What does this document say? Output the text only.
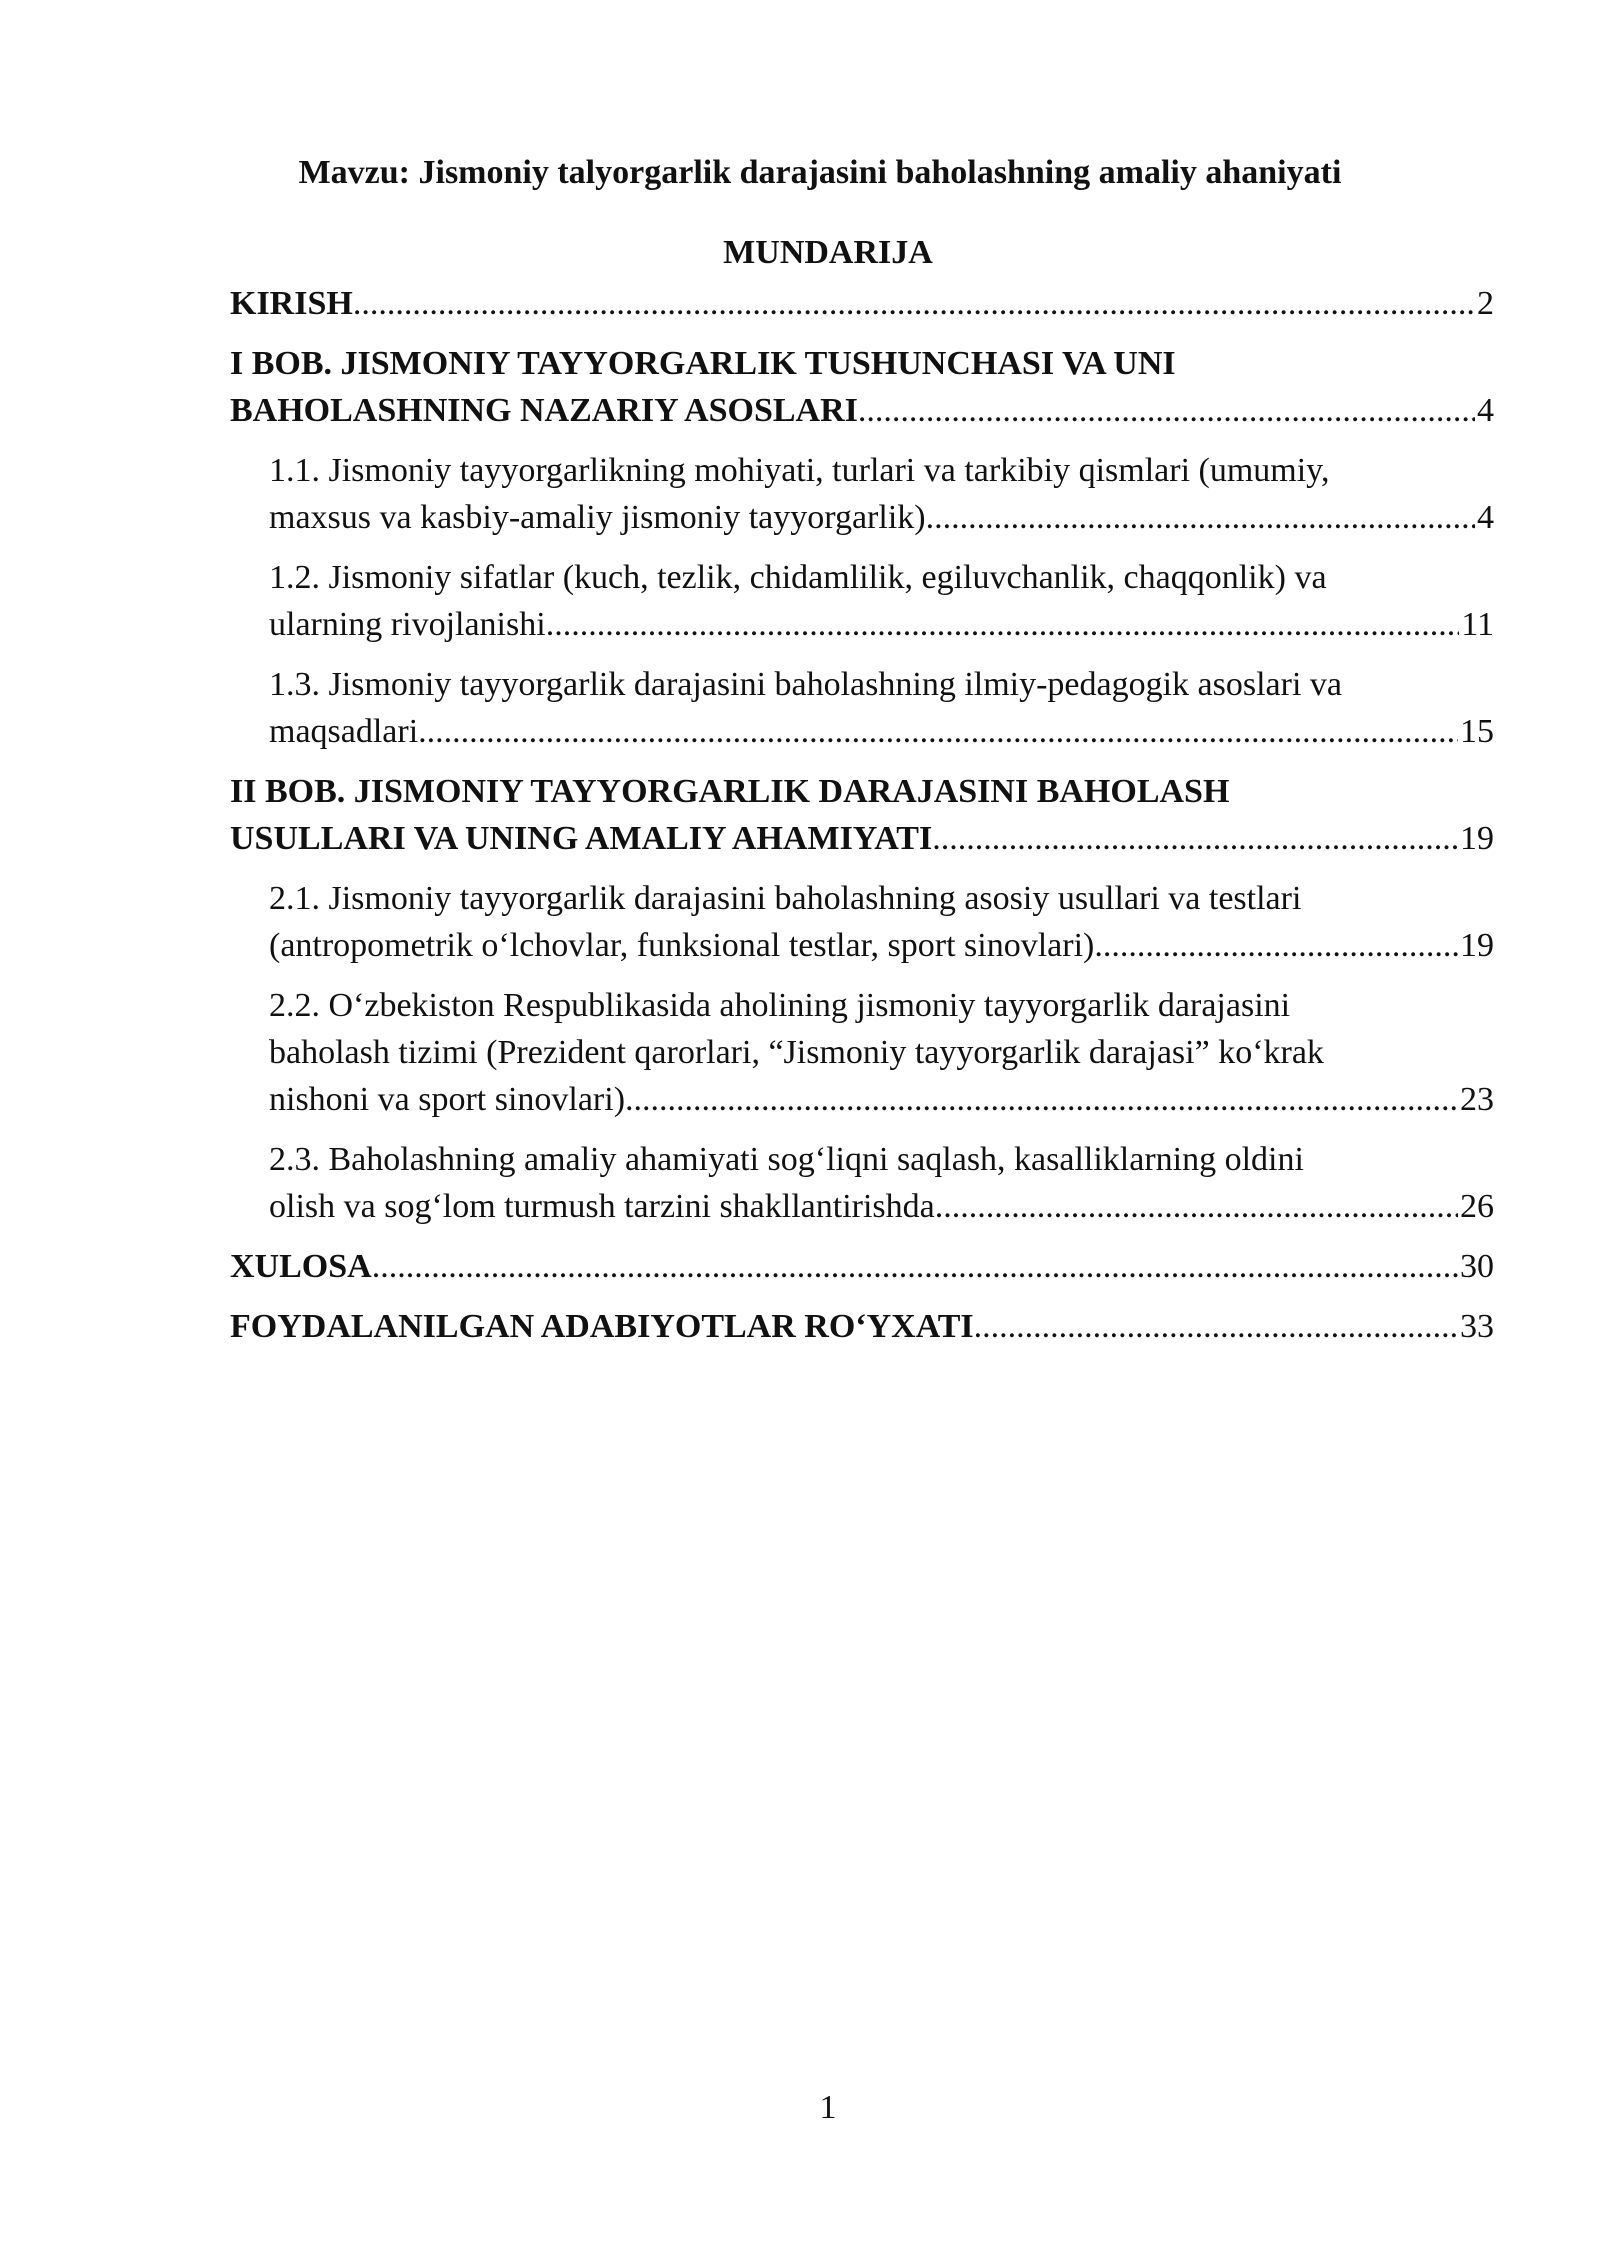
Mavzu: Jismoniy talyorgarlik darajasini baholashning amaliy ahaniyati
MUNDARIJA
KIRISH .....	2
I BOB. JISMONIY TAYYORGARLIK TUSHUNCHASI VA UNI
BAHOLASHNING NAZARIY ASOSLARI .....	4
1.1. Jismoniy tayyorgarlikning mohiyati, turlari va tarkibiy qismlari (umumiy,
maxsus va kasbiy-amaliy jismoniy tayyorgarlik) .....	4
1.2. Jismoniy sifatlar (kuch, tezlik, chidamlilik, egiluvchanlik, chaqqonlik) va
ularning rivojlanishi .....	11
1.3. Jismoniy tayyorgarlik darajasini baholashning ilmiy-pedagogik asoslari va
maqsadlari .....	15
II BOB. JISMONIY TAYYORGARLIK DARAJASINI BAHOLASH
USULLARI VA UNING AMALIY AHAMIYATI .....	19
2.1. Jismoniy tayyorgarlik darajasini baholashning asosiy usullari va testlari
(antropometrik o‘lchovlar, funksional testlar, sport sinovlari) .....	19
2.2. O‘zbekiston Respublikasida aholining jismoniy tayyorgarlik darajasini
baholash tizimi (Prezident qarorlari, “Jismoniy tayyorgarlik darajasi” ko‘krak
nishoni va sport sinovlari) .....	23
2.3. Baholashning amaliy ahamiyati sog‘liqni saqlash, kasalliklarning oldini
olish va sog‘lom turmush tarzini shakllantirishda .....	26
XULOSA .....	30
FOYDALANILGAN ADABIYOTLAR RO‘YXATI .....	33
1
